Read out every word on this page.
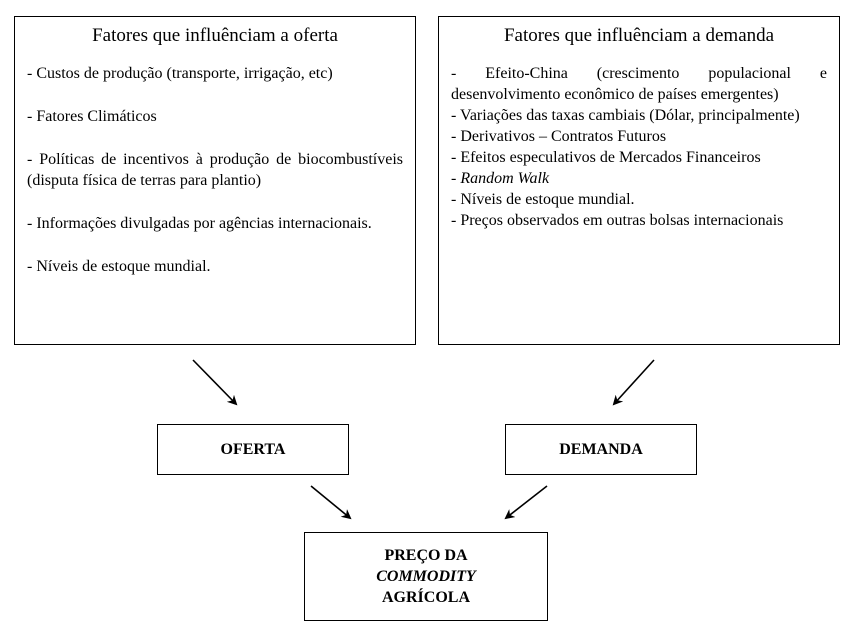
Fatores que influênciam a oferta
- Custos de produção (transporte, irrigação, etc)
- Fatores Climáticos
- Políticas de incentivos à produção de biocombustíveis (disputa física de terras para plantio)
- Informações divulgadas por agências internacionais.
- Níveis de estoque mundial.
Fatores que influênciam a demanda
- Efeito-China (crescimento populacional e desenvolvimento econômico de países emergentes)
- Variações das taxas cambiais (Dólar, principalmente)
- Derivativos – Contratos Futuros
- Efeitos especulativos de Mercados Financeiros
- Random Walk
- Níveis de estoque mundial.
- Preços observados em outras bolsas internacionais
OFERTA	DEMANDA
PREÇO DA
COMMODITY
AGRÍCOLA
